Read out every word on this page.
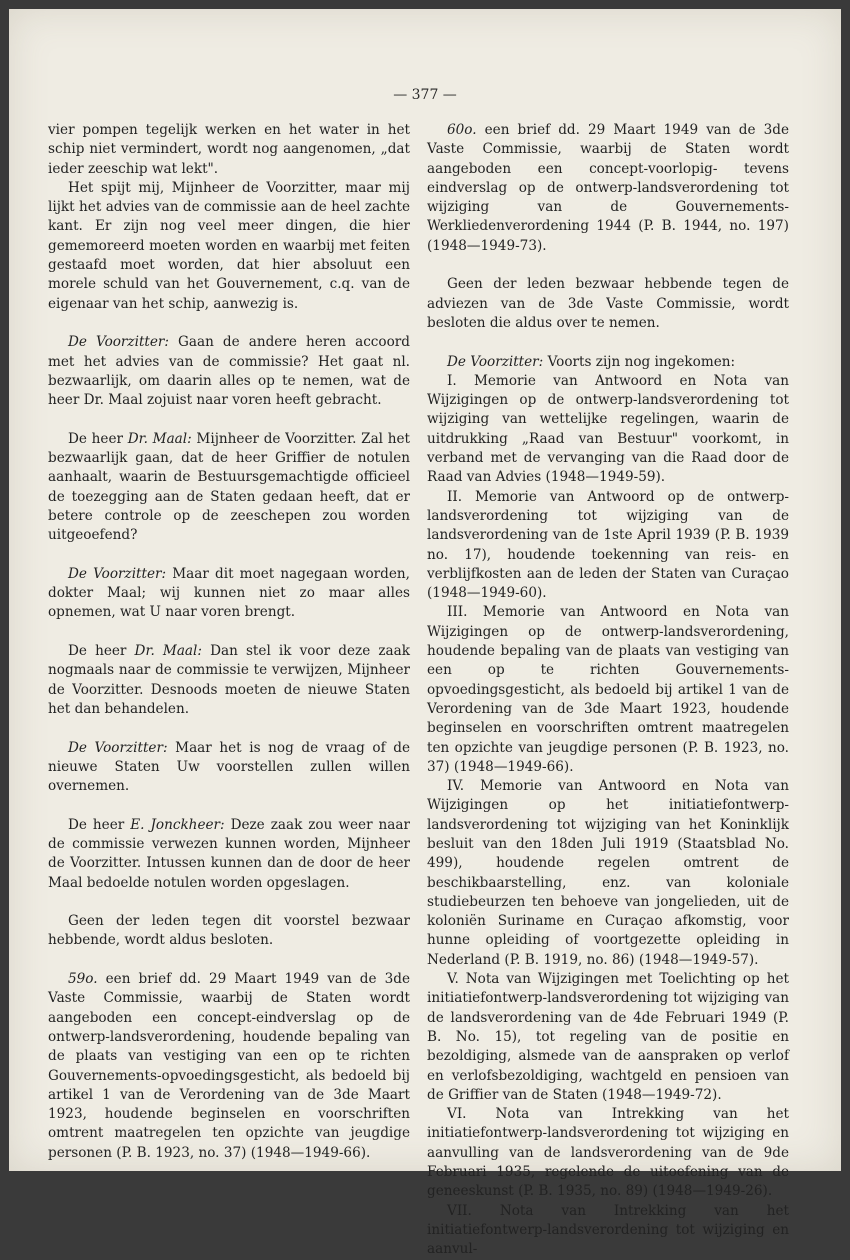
— 377 —

vier pompen tegelijk werken en het water in het schip niet vermindert, wordt nog aangenomen, „dat ieder zeeschip wat lekt".

Het spijt mij, Mijnheer de Voorzitter, maar mij lijkt het advies van de commissie aan de heel zachte kant. Er zijn nog veel meer dingen, die hier gememoreerd moeten worden en waarbij met feiten gestaafd moet worden, dat hier absoluut een morele schuld van het Gouvernement, c.q. van de eigenaar van het schip, aanwezig is.

De Voorzitter: Gaan de andere heren accoord met het advies van de commissie? Het gaat nl. bezwaarlijk, om daarin alles op te nemen, wat de heer Dr. Maal zojuist naar voren heeft gebracht.

De heer Dr. Maal: Mijnheer de Voorzitter. Zal het bezwaarlijk gaan, dat de heer Griffier de notulen aanhaalt, waarin de Bestuursgemachtigde officieel de toezegging aan de Staten gedaan heeft, dat er betere controle op de zeeschepen zou worden uitgeoefend?

De Voorzitter: Maar dit moet nagegaan worden, dokter Maal; wij kunnen niet zo maar alles opnemen, wat U naar voren brengt.

De heer Dr. Maal: Dan stel ik voor deze zaak nogmaals naar de commissie te verwijzen, Mijnheer de Voorzitter. Desnoods moeten de nieuwe Staten het dan behandelen.

De Voorzitter: Maar het is nog de vraag of de nieuwe Staten Uw voorstellen zullen willen overnemen.

De heer E. Jonckheer: Deze zaak zou weer naar de commissie verwezen kunnen worden, Mijnheer de Voorzitter. Intussen kunnen dan de door de heer Maal bedoelde notulen worden opgeslagen.

Geen der leden tegen dit voorstel bezwaar hebbende, wordt aldus besloten.

59o. een brief dd. 29 Maart 1949 van de 3de Vaste Commissie, waarbij de Staten wordt aangeboden een concept-eindverslag op de ontwerp-landsverordening, houdende bepaling van de plaats van vestiging van een op te richten Gouvernements-opvoedingsgesticht, als bedoeld bij artikel 1 van de Verordening van de 3de Maart 1923, houdende beginselen en voorschriften omtrent maatregelen ten opzichte van jeugdige personen (P. B. 1923, no. 37) (1948—1949-66).

60o. een brief dd. 29 Maart 1949 van de 3de Vaste Commissie, waarbij de Staten wordt aangeboden een concept-voorlopig- tevens eindverslag op de ontwerp-landsverordening tot wijziging van de Gouvernements-Werkliedenverordening 1944 (P. B. 1944, no. 197) (1948—1949-73).

Geen der leden bezwaar hebbende tegen de adviezen van de 3de Vaste Commissie, wordt besloten die aldus over te nemen.

De Voorzitter: Voorts zijn nog ingekomen:

I. Memorie van Antwoord en Nota van Wijzigingen op de ontwerp-landsverordening tot wijziging van wettelijke regelingen, waarin de uitdrukking „Raad van Bestuur" voorkomt, in verband met de vervanging van die Raad door de Raad van Advies (1948—1949-59).

II. Memorie van Antwoord op de ontwerp-landsverordening tot wijziging van de landsverordening van de 1ste April 1939 (P. B. 1939 no. 17), houdende toekenning van reis- en verblijfkosten aan de leden der Staten van Curaçao (1948—1949-60).

III. Memorie van Antwoord en Nota van Wijzigingen op de ontwerp-landsverordening, houdende bepaling van de plaats van vestiging van een op te richten Gouvernements-opvoedingsgesticht, als bedoeld bij artikel 1 van de Verordening van de 3de Maart 1923, houdende beginselen en voorschriften omtrent maatregelen ten opzichte van jeugdige personen (P. B. 1923, no. 37) (1948—1949-66).

IV. Memorie van Antwoord en Nota van Wijzigingen op het initiatiefontwerp-landsverordening tot wijziging van het Koninklijk besluit van den 18den Juli 1919 (Staatsblad No. 499), houdende regelen omtrent de beschikbaarstelling, enz. van koloniale studiebeurzen ten behoeve van jongelieden, uit de koloniën Suriname en Curaçao afkomstig, voor hunne opleiding of voortgezette opleiding in Nederland (P. B. 1919, no. 86) (1948—1949-57).

V. Nota van Wijzigingen met Toelichting op het initiatiefontwerp-landsverordening tot wijziging van de landsverordening van de 4de Februari 1949 (P. B. No. 15), tot regeling van de positie en bezoldiging, alsmede van de aanspraken op verlof en verlofsbezoldiging, wachtgeld en pensioen van de Griffier van de Staten (1948—1949-72).

VI. Nota van Intrekking van het initiatiefontwerp-landsverordening tot wijziging en aanvulling van de landsverordening van de 9de Februari 1935, regelende de uitoefening van de geneeskunst (P. B. 1935, no. 89) (1948—1949-26).

VII. Nota van Intrekking van het initiatiefontwerp-landsverordening tot wijziging en aanvul-
